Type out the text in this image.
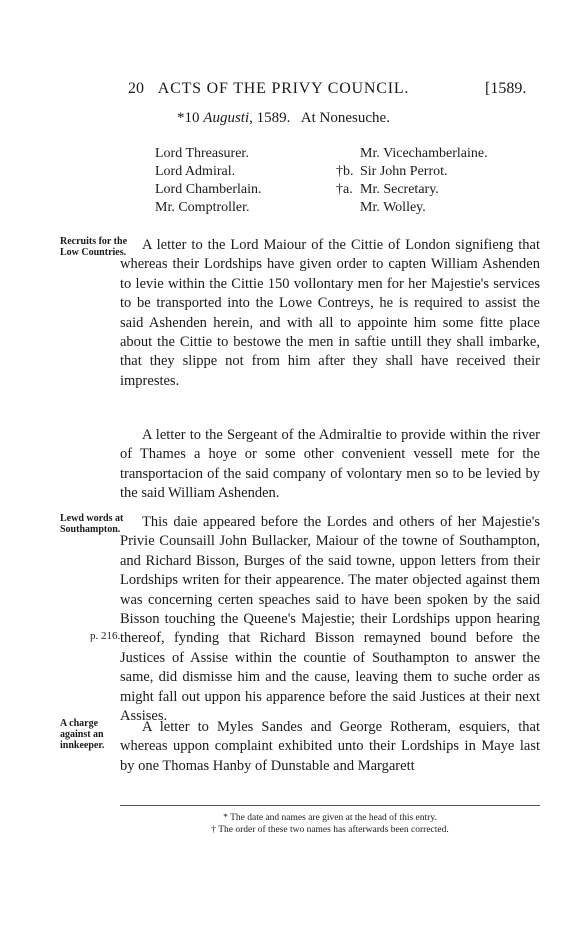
20 ACTS OF THE PRIVY COUNCIL.	[1589.
*10 Augusti, 1589.   At Nonesuche.
Lord Threasurer.	Mr. Vicechamberlaine.
Lord Admiral.	†b. Sir John Perrot.
Lord Chamberlain.	†a. Mr. Secretary.
Mr. Comptroller.	Mr. Wolley.
Recruits for the Low Countries.	A letter to the Lord Maiour of the Cittie of London signifieng that whereas their Lordships have given order to capten William Ashenden to levie within the Cittie 150 vollontary men for her Majestie's services to be transported into the Lowe Contreys, he is required to assist the said Ashenden herein, and with all to appointe him some fitte place about the Cittie to bestowe the men in saftie untill they shall imbarke, that they slippe not from him after they shall have received their imprestes.
A letter to the Sergeant of the Admiraltie to provide within the river of Thames a hoye or some other convenient vessell mete for the transportacion of the said company of volontary men so to be levied by the said William Ashenden.
Lewd words at Southampton.
p. 216.
This daie appeared before the Lordes and others of her Majestie's Privie Counsaill John Bullacker, Maiour of the towne of Southampton, and Richard Bisson, Burges of the said towne, uppon letters from their Lordships writen for their appearence. The mater objected against them was concerning certen speaches said to have been spoken by the said Bisson touching the Queene's Majestie; their Lordships uppon hearing thereof, fynding that Richard Bisson remayned bound before the Justices of Assise within the countie of Southampton to answer the same, did dismisse him and the cause, leaving them to suche order as might fall out uppon his apparence before the said Justices at their next Assises.
A charge against an innkeeper.
A letter to Myles Sandes and George Rotheram, esquiers, that whereas uppon complaint exhibited unto their Lordships in Maye last by one Thomas Hanby of Dunstable and Margarett
* The date and names are given at the head of this entry.
† The order of these two names has afterwards been corrected.
